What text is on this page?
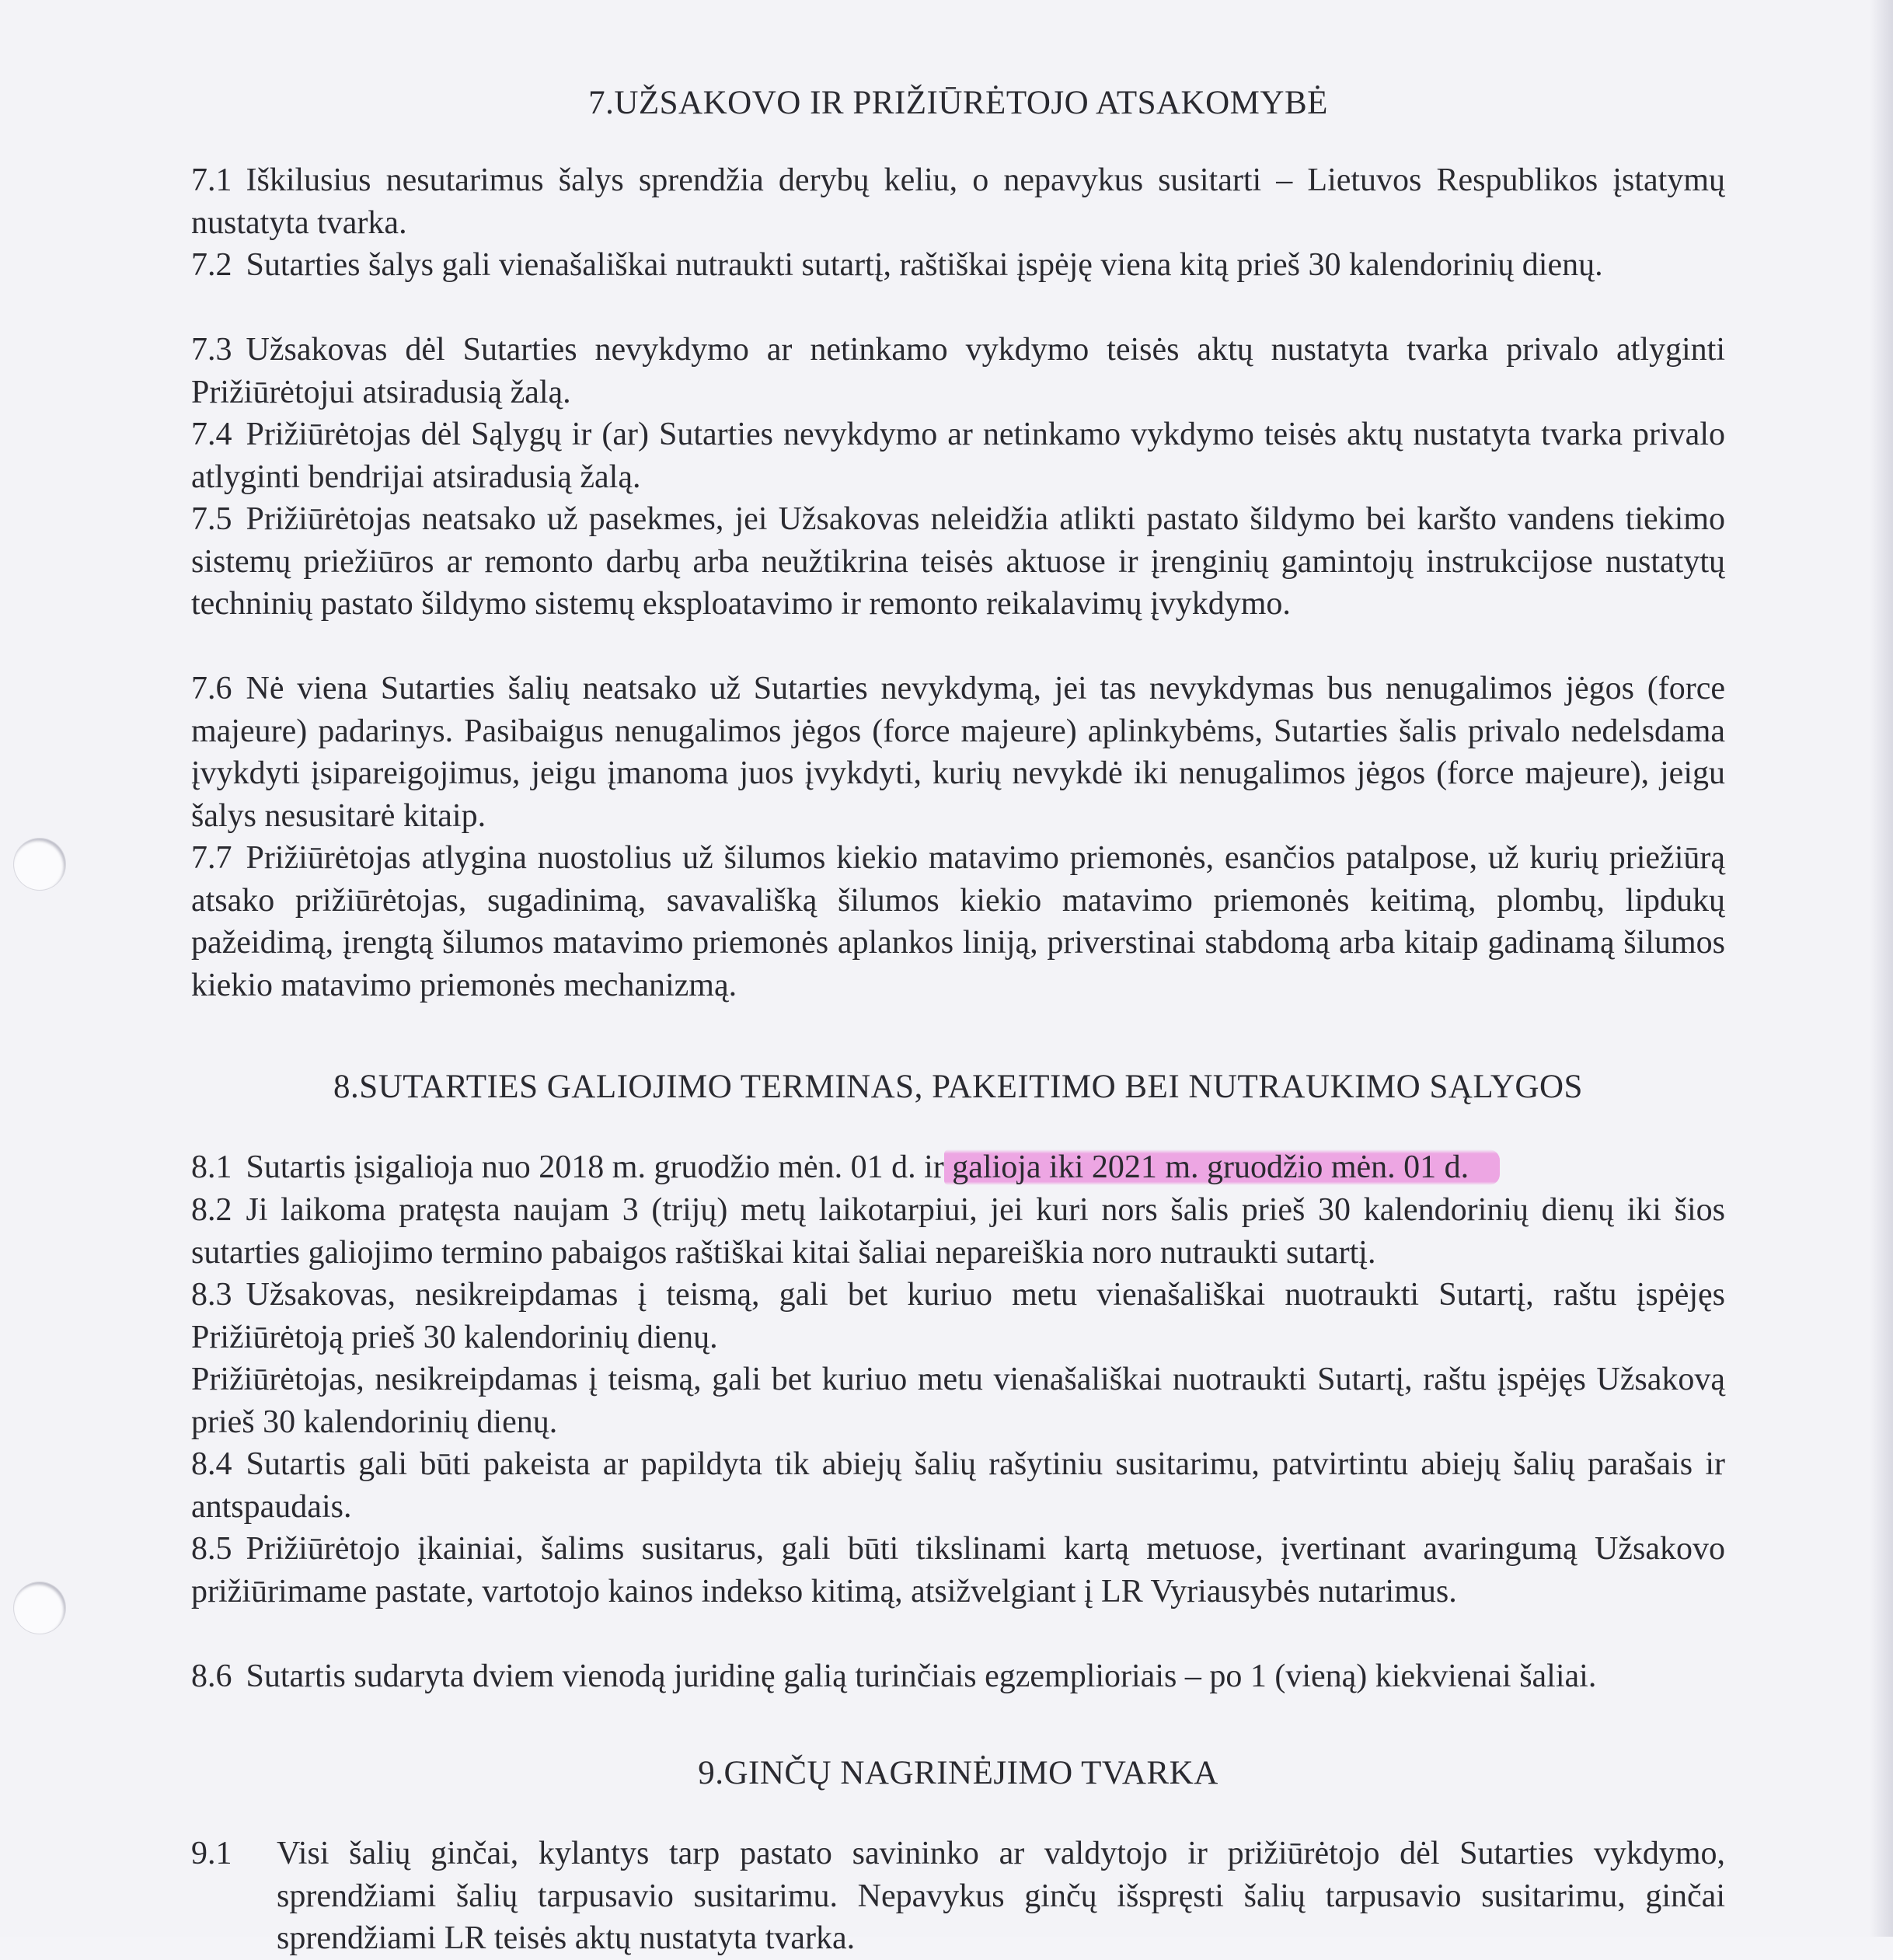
7.UŽSAKOVO IR PRIŽIŪRĖTOJO ATSAKOMYBĖ
7.1 Iškilusius nesutarimus šalys sprendžia derybų keliu, o nepavykus susitarti – Lietuvos Respublikos įstatymų nustatyta tvarka.
7.2 Sutarties šalys gali vienašališkai nutraukti sutartį, raštiškai įspėję viena kitą prieš 30 kalendorinių dienų.
7.3 Užsakovas dėl Sutarties nevykdymo ar netinkamo vykdymo teisės aktų nustatyta tvarka privalo atlyginti Prižiūrėtojui atsiradusią žalą.
7.4 Prižiūrėtojas dėl Sąlygų ir (ar) Sutarties nevykdymo ar netinkamo vykdymo teisės aktų nustatyta tvarka privalo atlyginti bendrijai atsiradusią žalą.
7.5 Prižiūrėtojas neatsako už pasekmes, jei Užsakovas neleidžia atlikti pastato šildymo bei karšto vandens tiekimo sistemų priežiūros ar remonto darbų arba neužtikrina teisės aktuose ir įrenginių gamintojų instrukcijose nustatytų techninių pastato šildymo sistemų eksploatavimo ir remonto reikalavimų įvykdymo.
7.6 Nė viena Sutarties šalių neatsako už Sutarties nevykdymą, jei tas nevykdymas bus nenugalimos jėgos (force majeure) padarinys. Pasibaigus nenugalimos jėgos (force majeure) aplinkybėms, Sutarties šalis privalo nedelsdama įvykdyti įsipareigojimus, jeigu įmanoma juos įvykdyti, kurių nevykdė iki nenugalimos jėgos (force majeure), jeigu šalys nesusitarė kitaip.
7.7 Prižiūrėtojas atlygina nuostolius už šilumos kiekio matavimo priemonės, esančios patalpose, už kurių priežiūrą atsako prižiūrėtojas, sugadinimą, savavališką šilumos kiekio matavimo priemonės keitimą, plombų, lipdukų pažeidimą, įrengtą šilumos matavimo priemonės aplankos liniją, priverstinai stabdomą arba kitaip gadinamą šilumos kiekio matavimo priemonės mechanizmą.
8.SUTARTIES GALIOJIMO TERMINAS, PAKEITIMO BEI NUTRAUKIMO SĄLYGOS
8.1 Sutartis įsigalioja nuo 2018 m. gruodžio mėn. 01 d. ir galioja iki 2021 m. gruodžio mėn. 01 d.
8.2 Ji laikoma pratęsta naujam 3 (trijų) metų laikotarpiui, jei kuri nors šalis prieš 30 kalendorinių dienų iki šios sutarties galiojimo termino pabaigos raštiškai kitai šaliai nepareiškia noro nutraukti sutartį.
8.3 Užsakovas, nesikreipdamas į teismą, gali bet kuriuo metu vienašališkai nuotraukti Sutartį, raštu įspėjęs Prižiūrėtoją prieš 30 kalendorinių dienų.
Prižiūrėtojas, nesikreipdamas į teismą, gali bet kuriuo metu vienašališkai nuotraukti Sutartį, raštu įspėjęs Užsakovą prieš 30 kalendorinių dienų.
8.4 Sutartis gali būti pakeista ar papildyta tik abiejų šalių rašytiniu susitarimu, patvirtintu abiejų šalių parašais ir antspaudais.
8.5 Prižiūrėtojo įkainiai, šalims susitarus, gali būti tikslinami kartą metuose, įvertinant avaringumą Užsakovo prižiūrimame pastate, vartotojo kainos indekso kitimą, atsižvelgiant į LR Vyriausybės nutarimus.
8.6 Sutartis sudaryta dviem vienodą juridinę galią turinčiais egzemplioriais – po 1 (vieną) kiekvienai šaliai.
9.GINČŲ NAGRINĖJIMO TVARKA
9.1 Visi šalių ginčai, kylantys tarp pastato savininko ar valdytojo ir prižiūrėtojo dėl Sutarties vykdymo, sprendžiami šalių tarpusavio susitarimu. Nepavykus ginčų išspręsti šalių tarpusavio susitarimu, ginčai sprendžiami LR teisės aktų nustatyta tvarka.
